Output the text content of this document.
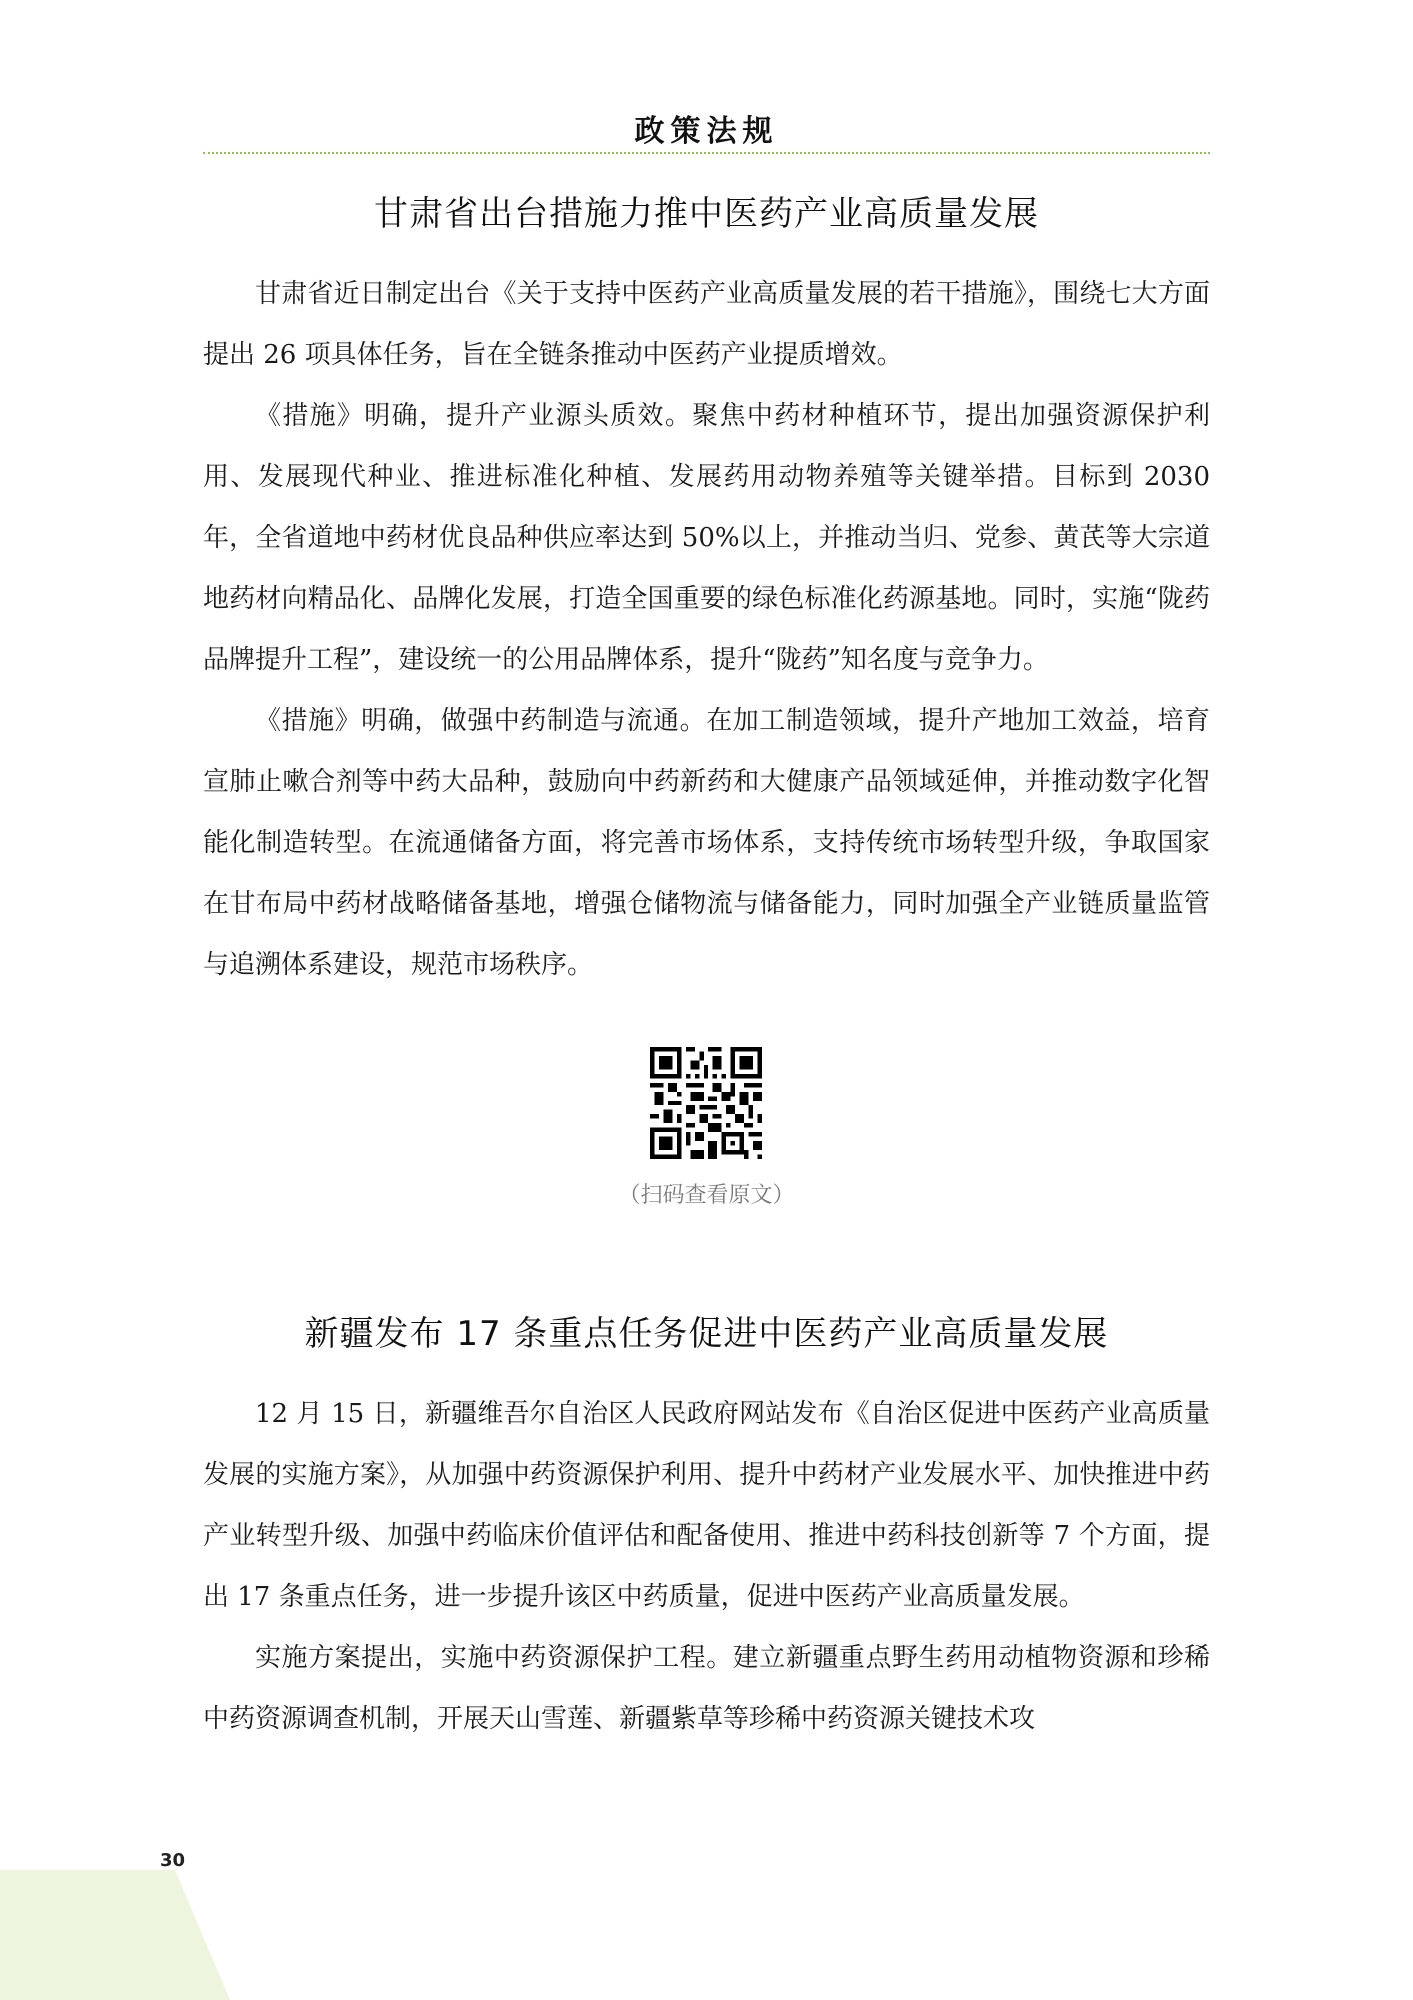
政策法规
甘肃省出台措施力推中医药产业高质量发展

甘肃省近日制定出台《关于支持中医药产业高质量发展的若干措施》，围绕七大方面提出 26 项具体任务，旨在全链条推动中医药产业提质增效。

《措施》明确，提升产业源头质效。聚焦中药材种植环节，提出加强资源保护利用、发展现代种业、推进标准化种植、发展药用动物养殖等关键举措。目标到 2030 年，全省道地中药材优良品种供应率达到 50%以上，并推动当归、党参、黄芪等大宗道地药材向精品化、品牌化发展，打造全国重要的绿色标准化药源基地。同时，实施“陇药品牌提升工程”，建设统一的公用品牌体系，提升“陇药”知名度与竞争力。

《措施》明确，做强中药制造与流通。在加工制造领域，提升产地加工效益，培育宣肺止嗽合剂等中药大品种，鼓励向中药新药和大健康产品领域延伸，并推动数字化智能化制造转型。在流通储备方面，将完善市场体系，支持传统市场转型升级，争取国家在甘布局中药材战略储备基地，增强仓储物流与储备能力，同时加强全产业链质量监管与追溯体系建设，规范市场秩序。

（扫码查看原文）
新疆发布 17 条重点任务促进中医药产业高质量发展

12 月 15 日，新疆维吾尔自治区人民政府网站发布《自治区促进中医药产业高质量发展的实施方案》，从加强中药资源保护利用、提升中药材产业发展水平、加快推进中药产业转型升级、加强中药临床价值评估和配备使用、推进中药科技创新等 7 个方面，提出 17 条重点任务，进一步提升该区中药质量，促进中医药产业高质量发展。

实施方案提出，实施中药资源保护工程。建立新疆重点野生药用动植物资源和珍稀中药资源调查机制，开展天山雪莲、新疆紫草等珍稀中药资源关键技术攻

30
